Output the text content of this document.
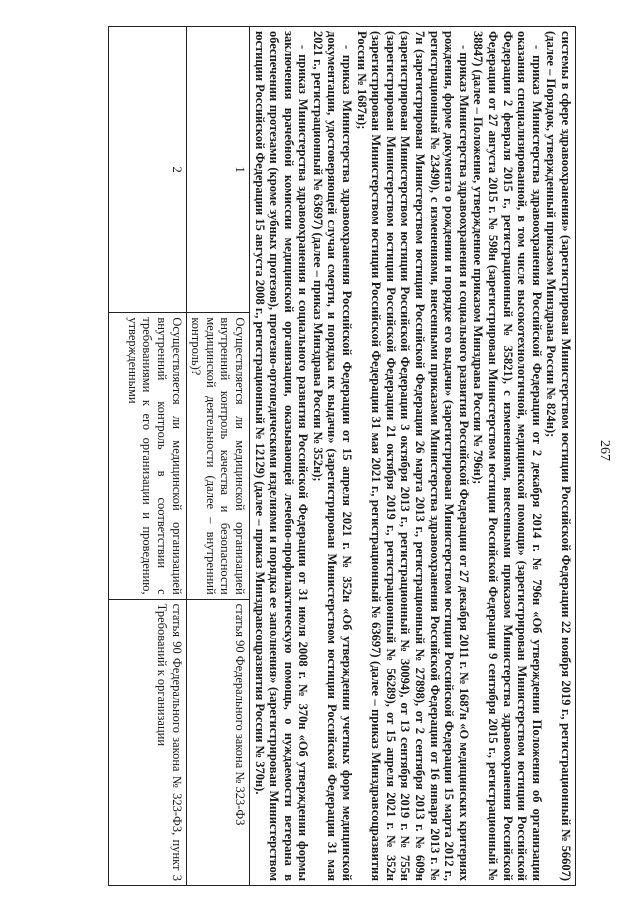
267

системы в сфере здравоохранения» (зарегистрирован Министерством юстиции Российской Федерации 22 ноября 2019 г., регистрационный № 56607) (далее – Порядок, утвержденный приказом Минздрава России № 824н);

- приказ Министерства здравоохранения Российской Федерации от 2 декабря 2014 г. № 796н «Об утверждении Положения об организации оказания специализированной, в том числе высокотехнологичной, медицинской помощи» (зарегистрирован Министерством юстиции Российской Федерации 2 февраля 2015 г., регистрационный № 35821), с изменениями, внесенными приказом Министерства здравоохранения Российской Федерации от 27 августа 2015 г. № 598н (зарегистрирован Министерством юстиции Российской Федерации 9 сентября 2015 г., регистрационный № 38847) (далее – Положение, утвержденное приказом Минздрава России № 796н);

- приказ Министерства здравоохранения и социального развития Российской Федерации от 27 декабря 2011 г. № 1687н «О медицинских критериях рождения, форме документа о рождении и порядке его выдачи» (зарегистрирован Министерством юстиции Российской Федерации 15 марта 2012 г., регистрационный № 23490), с изменениями, внесенными приказами Министерства здравоохранения Российской Федерации от 16 января 2013 г. № 7н (зарегистрирован Министерством юстиции Российской Федерации 26 марта 2013 г., регистрационный № 27898), от 2 сентября 2013 г. № 609н (зарегистрирован Министерством юстиции Российской Федерации 3 октября 2013 г., регистрационный № 30094), от 13 сентября 2019 г. № 755н (зарегистрирован Министерством юстиции Российской Федерации 21 октября 2019 г., регистрационный № 56289), от 15 апреля 2021 г. № 352н (зарегистрирован Министерством юстиции Российской Федерации 31 мая 2021 г., регистрационный № 63697) (далее – приказ Минздравсоцразвития России № 1687н);

- приказ Министерства здравоохранения Российской Федерации от 15 апреля 2021 г. № 352н «Об утверждении учетных форм медицинской документации, удостоверяющей случаи смерти, и порядка их выдачи» (зарегистрирован Министерством юстиции Российской Федерации 31 мая 2021 г., регистрационный № 63697) (далее – приказ Минздрава России № 352н);

- приказ Министерства здравоохранения и социального развития Российской Федерации от 31 июля 2008 г. № 370н «Об утверждении формы заключения врачебной комиссии медицинской организации, оказывающей лечебно-профилактическую помощь, о нуждаемости ветерана в обеспечении протезами (кроме зубных протезов), протезно-ортопедическими изделиями и порядка ее заполнения» (зарегистрирован Министерством юстиции Российской Федерации 15 августа 2008 г., регистрационный № 12129) (далее – приказ Минздравсоцразвития России № 370н).		

1	Осуществляется ли медицинской организацией внутренний контроль качества и безопасности медицинской деятельности (далее – внутренний контроль)?	статья 90 Федерального закона № 323-ФЗ
2	Осуществляется ли медицинской организацией внутренний контроль в соответствии с требованиями к его организации и проведению, утвержденными	статья 90 Федерального закона № 323-ФЗ, пункт 3 Требований к организации
